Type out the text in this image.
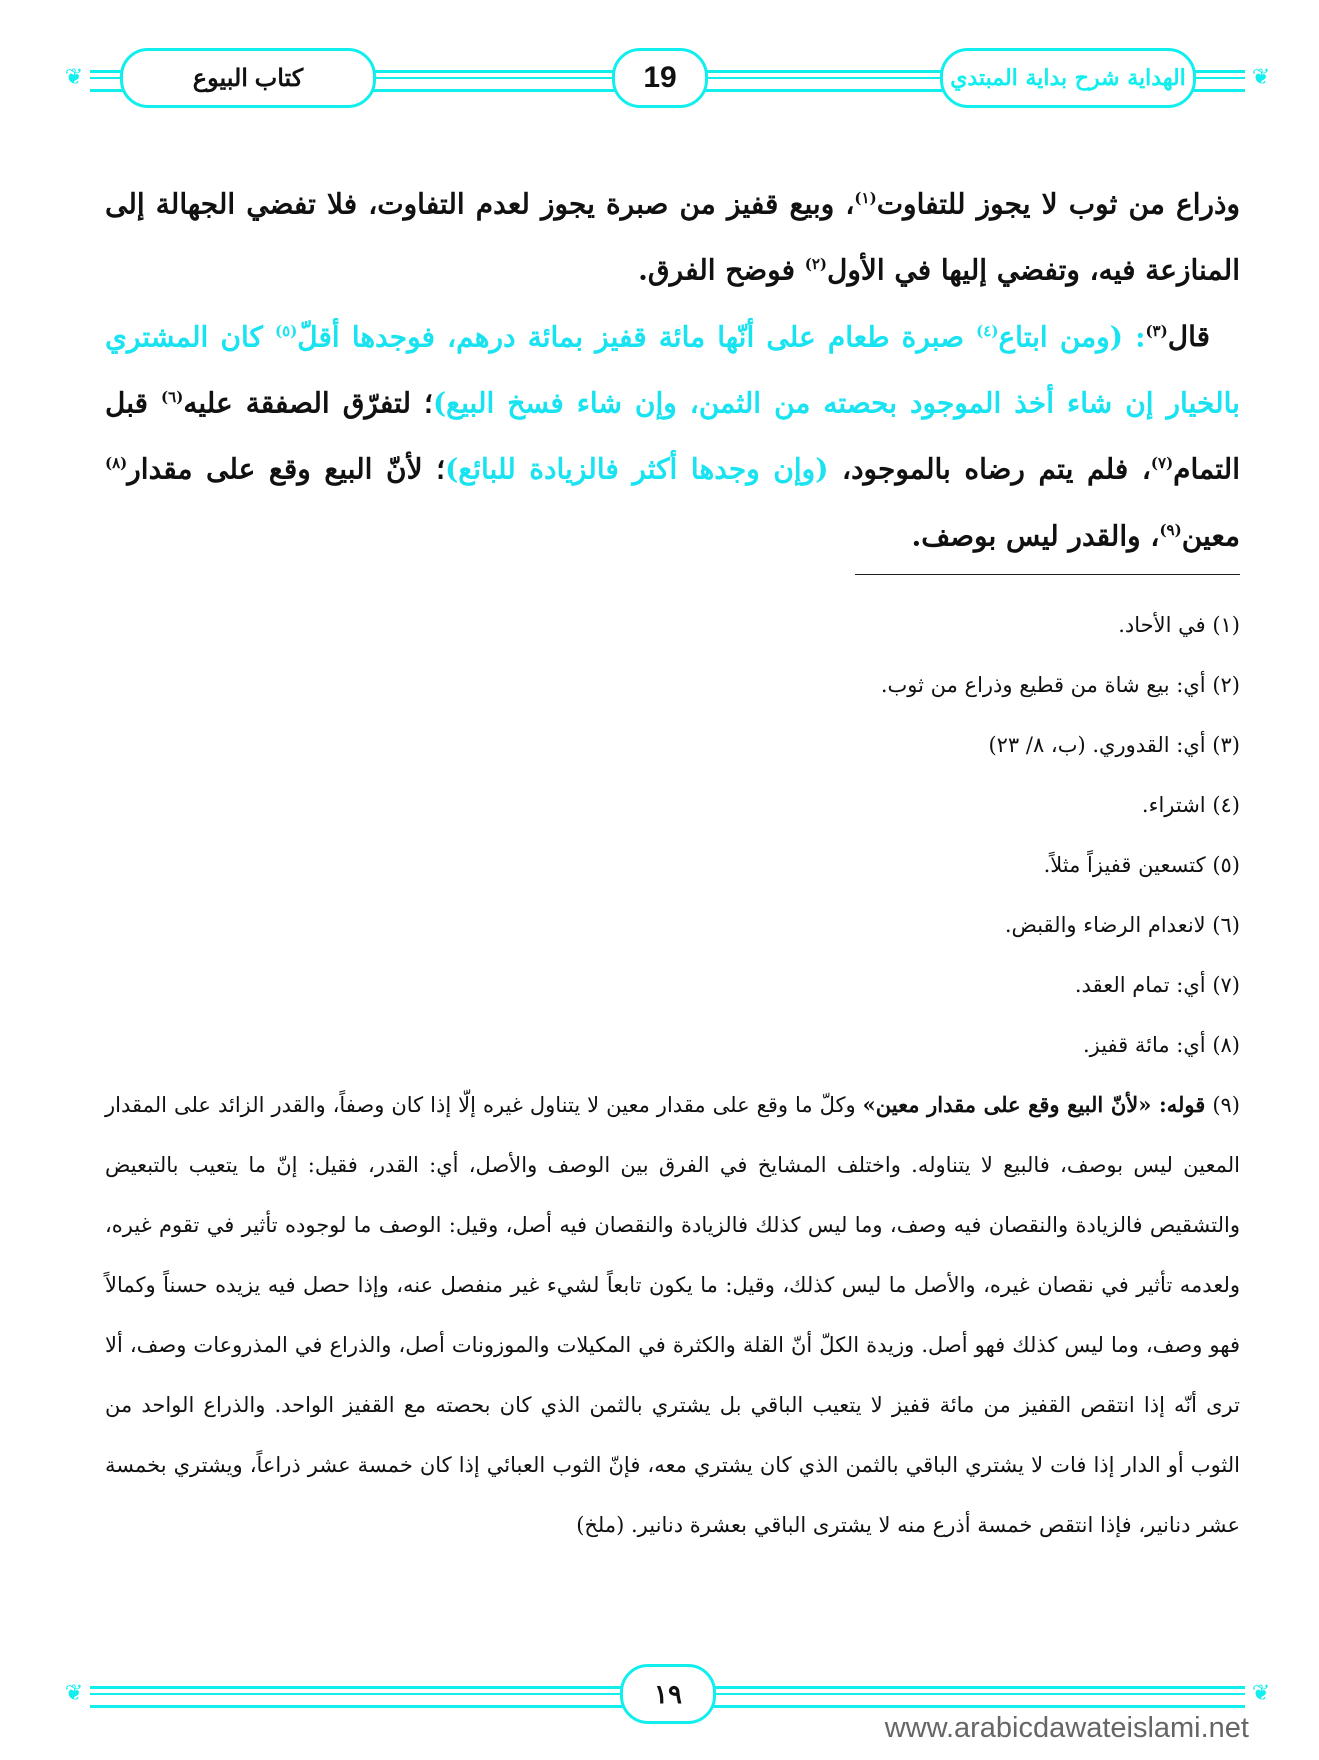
❦	❦
كتاب البيوع	19	الهداية شرح بداية المبتدي
وذراع من ثوب لا يجوز للتفاوت$^{(١)}$، وبيع قفيز من صبرة يجوز لعدم التفاوت، فلا تفضي الجهالة إلى المنازعة فيه، وتفضي إليها في الأول$^{(٢)}$ فوضح الفرق.
قال$^{(٣)}$: (ومن ابتاع$^{(٤)}$ صبرة طعام على أنّها مائة قفيز بمائة درهم، فوجدها أقلّ$^{(٥)}$ كان المشتري بالخيار إن شاء أخذ الموجود بحصته من الثمن، وإن شاء فسخ البيع)؛ لتفرّق الصفقة عليه$^{(٦)}$ قبل التمام$^{(٧)}$، فلم يتم رضاه بالموجود، (وإن وجدها أكثر فالزيادة للبائع)؛ لأنّ البيع وقع على مقدار$^{(٨)}$ معين$^{(٩)}$، والقدر ليس بوصف.

(١) في الأحاد.

(٢) أي: بيع شاة من قطيع وذراع من ثوب.

(٣) أي: القدوري. (ب، ٨/ ٢٣)

(٤) اشتراء.

(٥) كتسعين قفيزاً مثلاً.

(٦) لانعدام الرضاء والقبض.

(٧) أي: تمام العقد.

(٨) أي: مائة قفيز.

(٩) قوله: «لأنّ البيع وقع على مقدار معين» وكلّ ما وقع على مقدار معين لا يتناول غيره إلّا إذا كان وصفاً، والقدر الزائد على المقدار المعين ليس بوصف، فالبيع لا يتناوله. واختلف المشايخ في الفرق بين الوصف والأصل، أي: القدر، فقيل: إنّ ما يتعيب بالتبعيض والتشقيص فالزيادة والنقصان فيه وصف، وما ليس كذلك فالزيادة والنقصان فيه أصل، وقيل: الوصف ما لوجوده تأثير في تقوم غيره، ولعدمه تأثير في نقصان غيره، والأصل ما ليس كذلك، وقيل: ما يكون تابعاً لشيء غير منفصل عنه، وإذا حصل فيه يزيده حسناً وكمالاً فهو وصف، وما ليس كذلك فهو أصل. وزيدة الكلّ أنّ القلة والكثرة في المكيلات والموزونات أصل، والذراع في المذروعات وصف، ألا ترى أنّه إذا انتقص القفيز من مائة قفيز لا يتعيب الباقي بل يشتري بالثمن الذي كان بحصته مع القفيز الواحد. والذراع الواحد من الثوب أو الدار إذا فات لا يشتري الباقي بالثمن الذي كان يشتري معه، فإنّ الثوب العبائي إذا كان خمسة عشر ذراعاً، ويشتري بخمسة عشر دنانير، فإذا انتقص خمسة أذرع منه لا يشترى الباقي بعشرة دنانير. (ملخ)

❦	❦
١٩
www.arabicdawateislami.net
